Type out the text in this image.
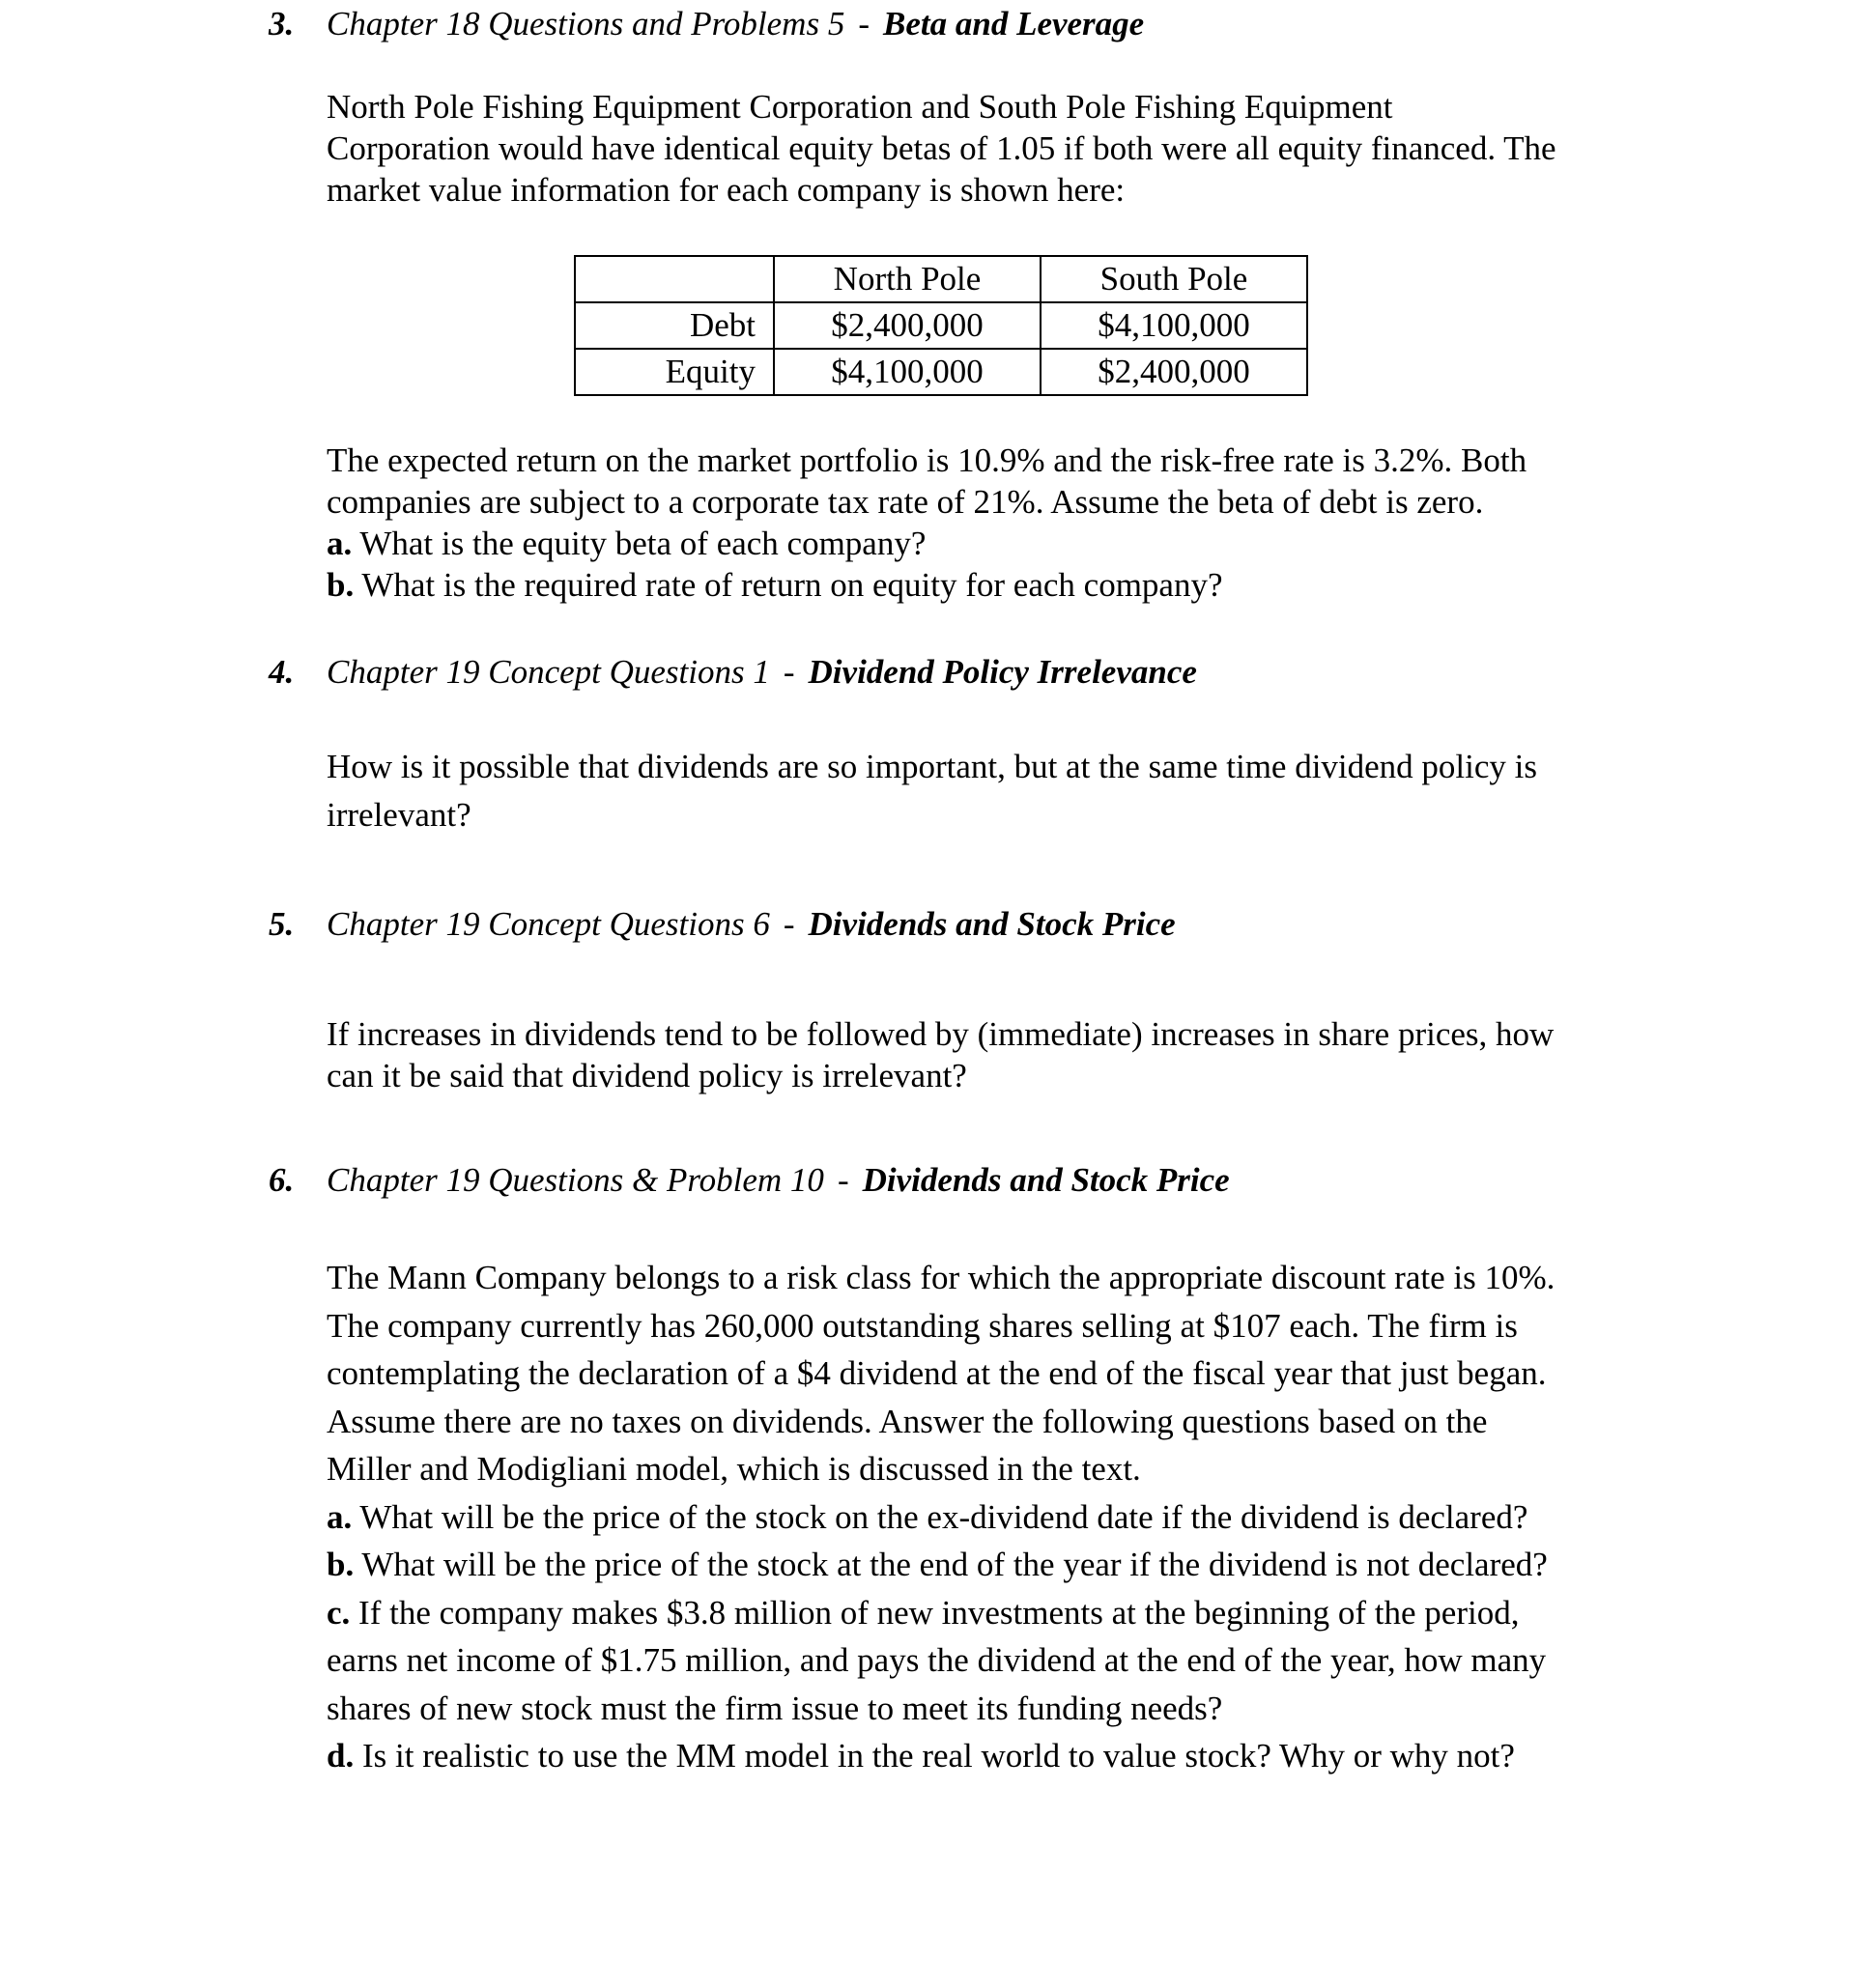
3. Chapter 18 Questions and Problems 5 - Beta and Leverage

North Pole Fishing Equipment Corporation and South Pole Fishing Equipment

Corporation would have identical equity betas of 1.05 if both were all equity financed. The

market value information for each company is shown here:

	North Pole	South Pole
Debt	$2,400,000	$4,100,000
Equity	$4,100,000	$2,400,000

The expected return on the market portfolio is 10.9% and the risk-free rate is 3.2%. Both

companies are subject to a corporate tax rate of 21%. Assume the beta of debt is zero.

a. What is the equity beta of each company?

b. What is the required rate of return on equity for each company?

4. Chapter 19 Concept Questions 1 - Dividend Policy Irrelevance

How is it possible that dividends are so important, but at the same time dividend policy is

irrelevant?

5. Chapter 19 Concept Questions 6 - Dividends and Stock Price

If increases in dividends tend to be followed by (immediate) increases in share prices, how

can it be said that dividend policy is irrelevant?

6. Chapter 19 Questions & Problem 10 - Dividends and Stock Price

The Mann Company belongs to a risk class for which the appropriate discount rate is 10%.

The company currently has 260,000 outstanding shares selling at $107 each. The firm is

contemplating the declaration of a $4 dividend at the end of the fiscal year that just began.

Assume there are no taxes on dividends. Answer the following questions based on the

Miller and Modigliani model, which is discussed in the text.

a. What will be the price of the stock on the ex-dividend date if the dividend is declared?

b. What will be the price of the stock at the end of the year if the dividend is not declared?

c. If the company makes $3.8 million of new investments at the beginning of the period,

earns net income of $1.75 million, and pays the dividend at the end of the year, how many

shares of new stock must the firm issue to meet its funding needs?

d. Is it realistic to use the MM model in the real world to value stock? Why or why not?
